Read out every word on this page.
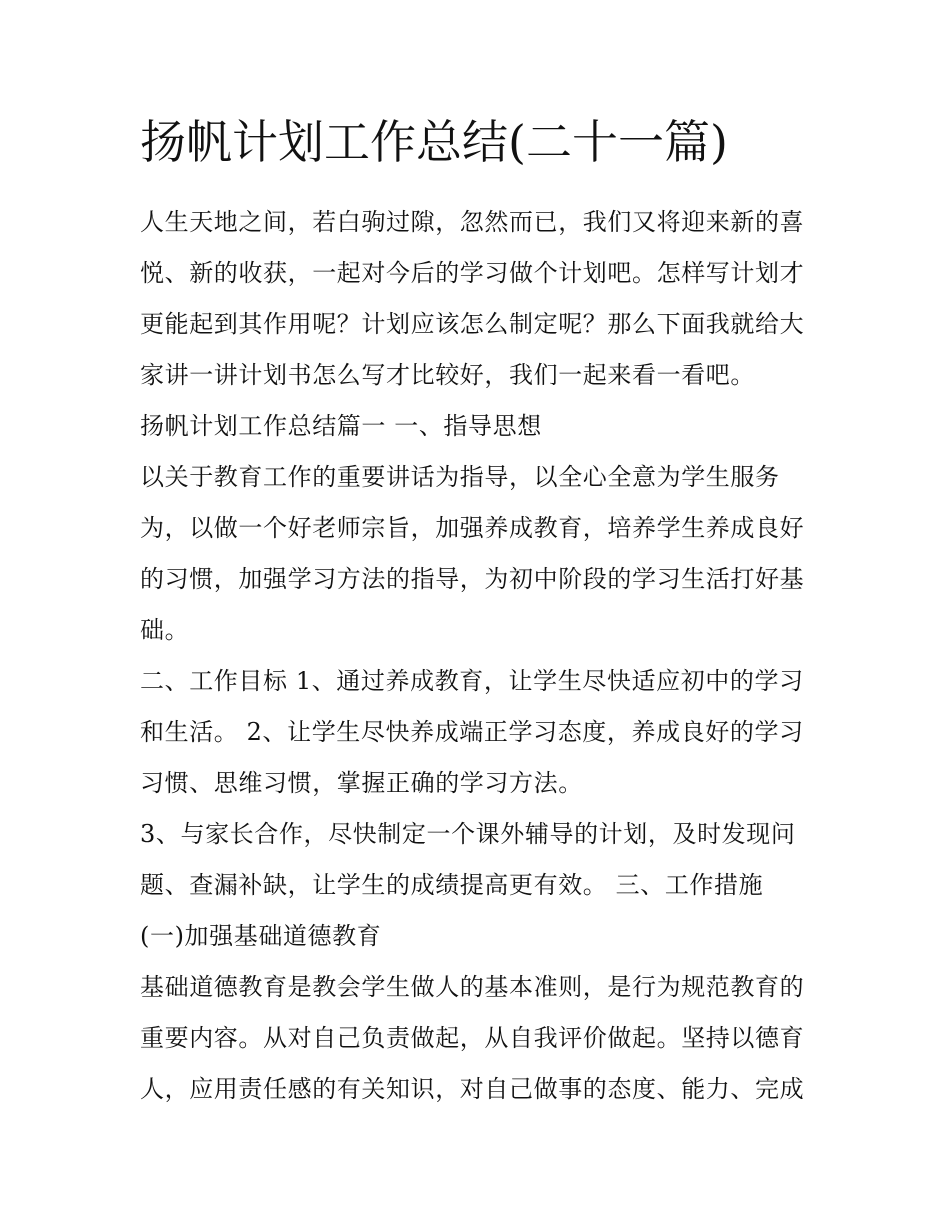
扬帆计划工作总结(二十一篇)
人生天地之间，若白驹过隙，忽然而已，我们又将迎来新的喜
悦、新的收获，一起对今后的学习做个计划吧。怎样写计划才
更能起到其作用呢？计划应该怎么制定呢？那么下面我就给大
家讲一讲计划书怎么写才比较好，我们一起来看一看吧。
扬帆计划工作总结篇一 一、指导思想
以关于教育工作的重要讲话为指导，以全心全意为学生服务
为，以做一个好老师宗旨，加强养成教育，培养学生养成良好
的习惯，加强学习方法的指导，为初中阶段的学习生活打好基
础。
二、工作目标 1、通过养成教育，让学生尽快适应初中的学习
和生活。 2、让学生尽快养成端正学习态度，养成良好的学习
习惯、思维习惯，掌握正确的学习方法。
3、与家长合作，尽快制定一个课外辅导的计划，及时发现问
题、查漏补缺，让学生的成绩提高更有效。 三、工作措施
(一)加强基础道德教育
基础道德教育是教会学生做人的基本准则，是行为规范教育的
重要内容。从对自己负责做起，从自我评价做起。坚持以德育
人，应用责任感的有关知识，对自己做事的态度、能力、完成
